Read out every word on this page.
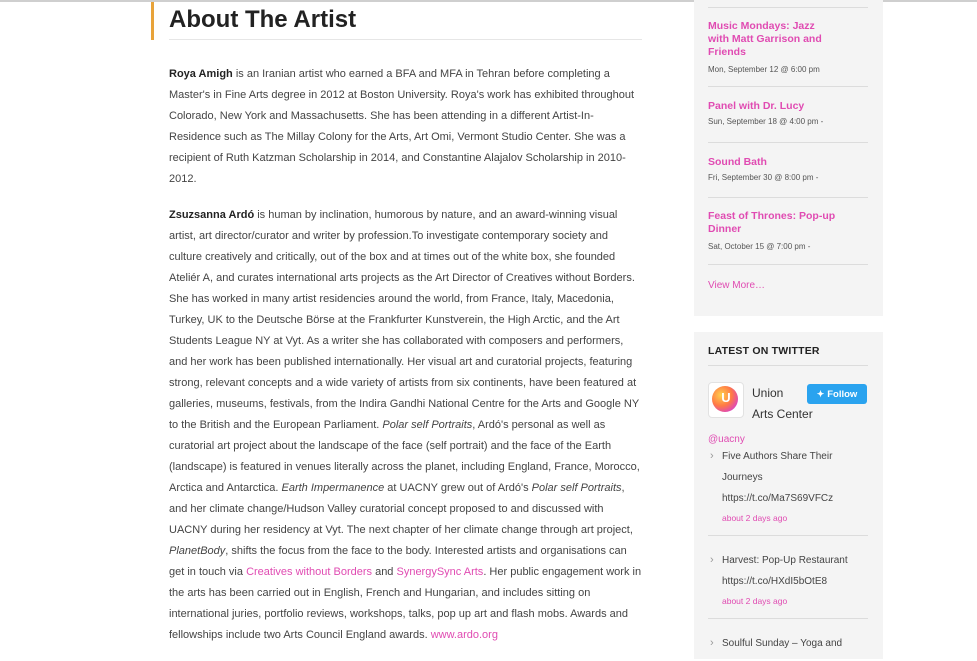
About The Artist

Roya Amigh is an Iranian artist who earned a BFA and MFA in Tehran before completing a Master's in Fine Arts degree in 2012 at Boston University. Roya's work has exhibited throughout Colorado, New York and Massachusetts. She has been attending in a different Artist-In-Residence such as The Millay Colony for the Arts, Art Omi, Vermont Studio Center. She was a recipient of Ruth Katzman Scholarship in 2014, and Constantine Alajalov Scholarship in 2010-2012.

Zsuzsanna Ardó is human by inclination, humorous by nature, and an award-winning visual artist, art director/curator and writer by profession.To investigate contemporary society and culture creatively and critically, out of the box and at times out of the white box, she founded Ateliér A, and curates international arts projects as the Art Director of Creatives without Borders. She has worked in many artist residencies around the world, from France, Italy, Macedonia, Turkey, UK to the Deutsche Börse at the Frankfurter Kunstverein, the High Arctic, and the Art Students League NY at Vyt. As a writer she has collaborated with composers and performers, and her work has been published internationally. Her visual art and curatorial projects, featuring strong, relevant concepts and a wide variety of artists from six continents, have been featured at galleries, museums, festivals, from the Indira Gandhi National Centre for the Arts and Google NY to the British and the European Parliament. Polar self Portraits, Ardó's personal as well as curatorial art project about the landscape of the face (self portrait) and the face of the Earth (landscape) is featured in venues literally across the planet, including England, France, Morocco, Arctica and Antarctica. Earth Impermanence at UACNY grew out of Ardó's Polar self Portraits, and her climate change/Hudson Valley curatorial concept proposed to and discussed with UACNY during her residency at Vyt. The next chapter of her climate change through art project, PlanetBody, shifts the focus from the face to the body. Interested artists and organisations can get in touch via Creatives without Borders and SynergySync Arts. Her public engagement work in the arts has been carried out in English, French and Hungarian, and includes sitting on international juries, portfolio reviews, workshops, talks, pop up art and flash mobs. Awards and fellowships include two Arts Council England awards. www.ardo.org

Music Mondays: Jazz with Matt Garrison and Friends
Mon, September 12 @ 6:00 pm
Panel with Dr. Lucy
Sun, September 18 @ 4:00 pm -
Sound Bath
Fri, September 30 @ 8:00 pm -
Feast of Thrones: Pop-up Dinner
Sat, October 15 @ 7:00 pm -
View More…
LATEST ON TWITTER
U	Union
Arts Center
✦ Follow
@uacny
› Five Authors Share Their
Journeys
https://t.co/Ma7S69VFCz
about 2 days ago
› Harvest: Pop-Up Restaurant
https://t.co/HXdI5bOtE8
about 2 days ago
› Soulful Sunday – Yoga and
